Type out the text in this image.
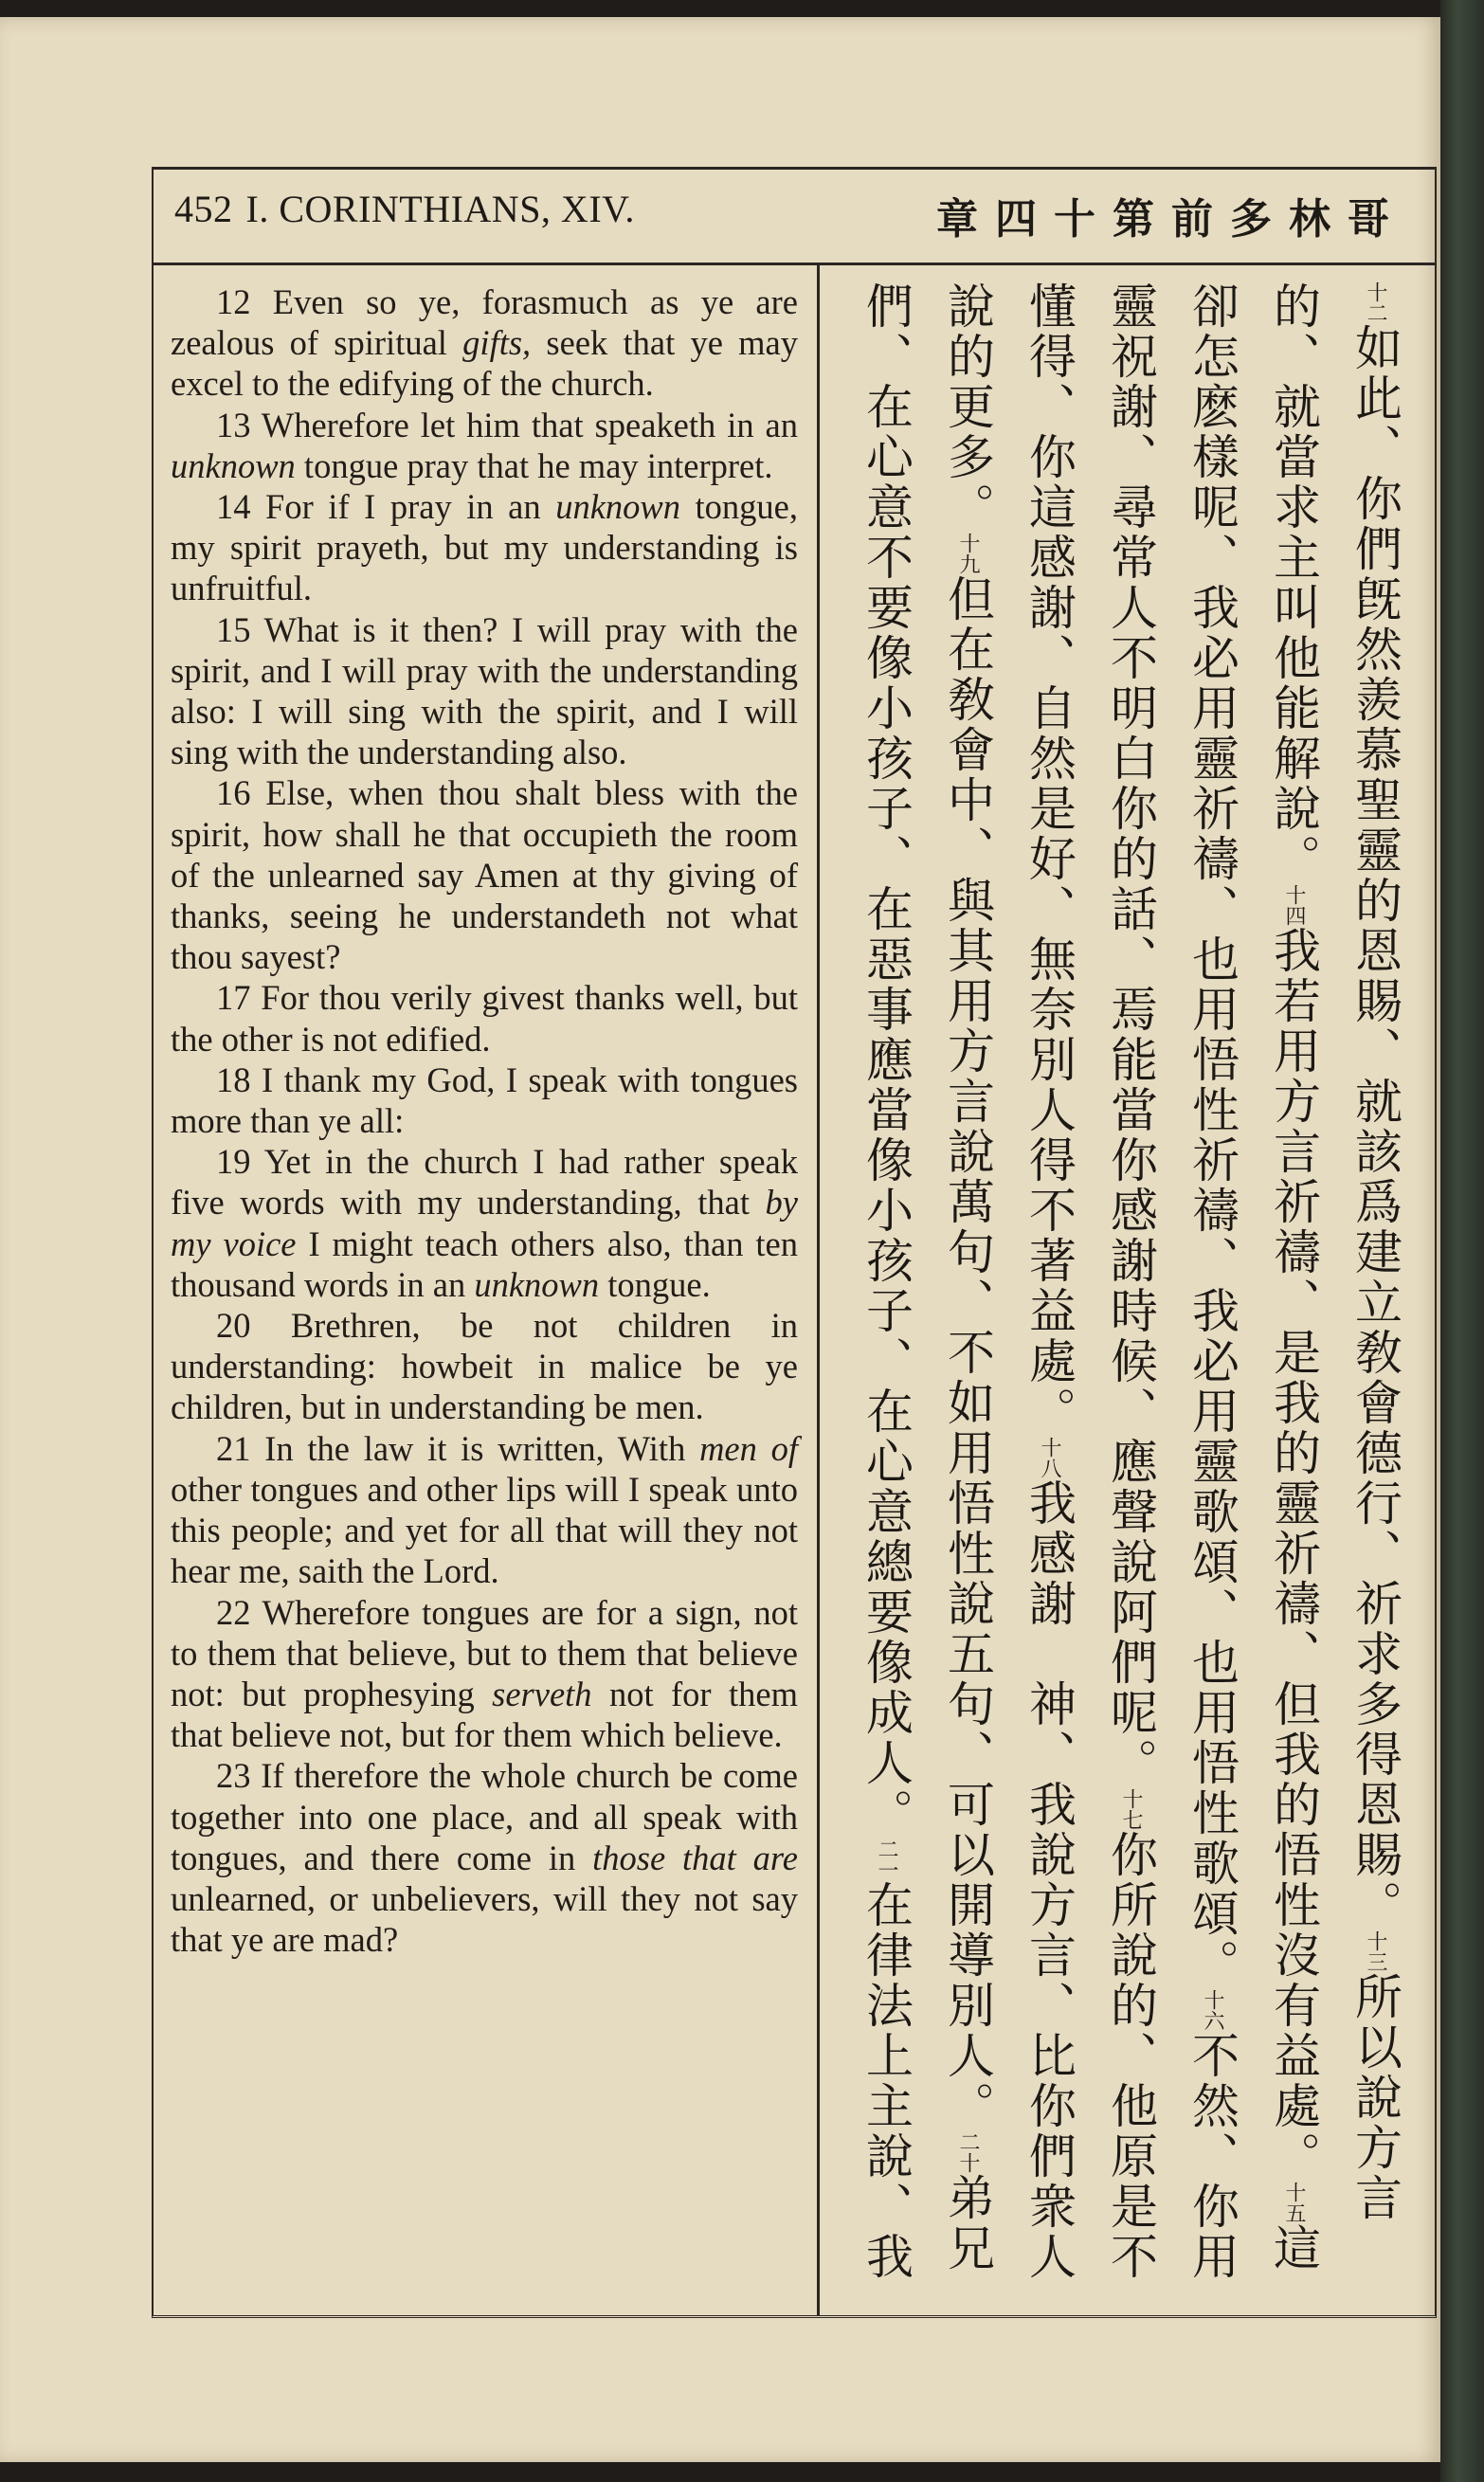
452 I. CORINTHIANS, XIV.	章四十第前多林哥

12 Even so ye, forasmuch as ye are zealous of spiritual gifts, seek that ye may excel to the edifying of the church.

13 Wherefore let him that speaketh in an unknown tongue pray that he may interpret.

14 For if I pray in an unknown tongue, my spirit prayeth, but my understanding is unfruitful.

15 What is it then? I will pray with the spirit, and I will pray with the understanding also: I will sing with the spirit, and I will sing with the understanding also.

16 Else, when thou shalt bless with the spirit, how shall he that occupieth the room of the unlearned say Amen at thy giving of thanks, seeing he understandeth not what thou sayest?

17 For thou verily givest thanks well, but the other is not edified.

18 I thank my God, I speak with tongues more than ye all:

19 Yet in the church I had rather speak five words with my understanding, that by my voice I might teach others also, than ten thousand words in an unknown tongue.

20 Brethren, be not children in understanding: howbeit in malice be ye children, but in understanding be men.

21 In the law it is written, With men of other tongues and other lips will I speak unto this people; and yet for all that will they not hear me, saith the Lord.

22 Wherefore tongues are for a sign, not to them that believe, but to them that believe not: but prophesying serveth not for them that believe not, but for them which believe.

23 If therefore the whole church be come together into one place, and all speak with tongues, and there come in those that are unlearned, or unbelievers, will they not say that ye are mad?

十二如此、你們旣然羨慕聖靈的恩賜、就該爲建立敎會德行、祈求多得恩賜。十三所以說方言的、就當求主叫他能解說。十四我若用方言祈禱、是我的靈祈禱、但我的悟性沒有益處。十五這卻怎麽樣呢、我必用靈祈禱、也用悟性祈禱、我必用靈歌頌、也用悟性歌頌。十六不然、你用靈祝謝、尋常人不明白你的話、焉能當你感謝時候、應聲說阿們呢。十七你所說的、他原是不懂得、你這感謝、自然是好、無奈別人得不著益處。十八我感謝　神、我說方言、比你們衆人說的更多。十九但在敎會中、與其用方言說萬句、不如用悟性說五句、可以開導別人。二十弟兄們、在心意不要像小孩子、在惡事應當像小孩子、在心意總要像成人。二一在律法上主說、我
